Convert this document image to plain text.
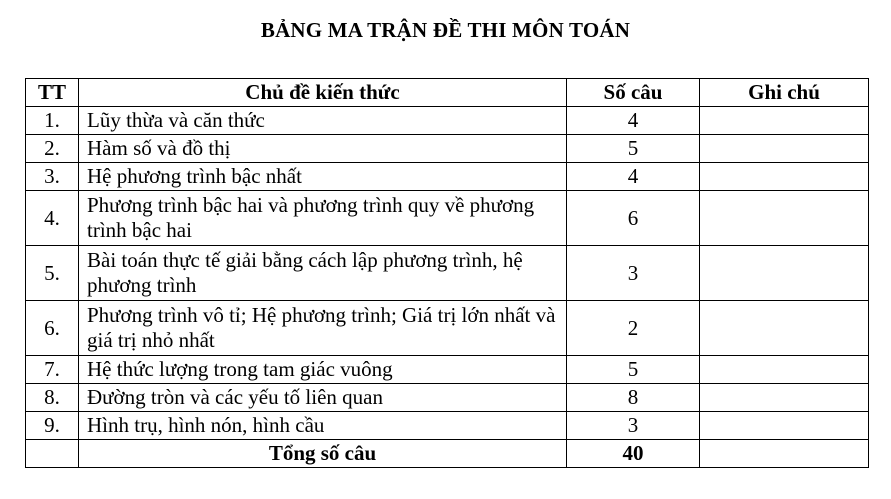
BẢNG MA TRẬN ĐỀ THI MÔN TOÁN
TT	Chủ đề kiến thức	Số câu	Ghi chú
1.	Lũy thừa và căn thức	4	
2.	Hàm số và đồ thị	5	
3.	Hệ phương trình bậc nhất	4	
4.	Phương trình bậc hai và phương trình quy về phương trình bậc hai	6	
5.	Bài toán thực tế giải bằng cách lập phương trình, hệ phương trình	3	
6.	Phương trình vô tỉ; Hệ phương trình; Giá trị lớn nhất và giá trị nhỏ nhất	2	
7.	Hệ thức lượng trong tam giác vuông	5	
8.	Đường tròn và các yếu tố liên quan	8	
9.	Hình trụ, hình nón, hình cầu	3	
	Tổng số câu	40	
